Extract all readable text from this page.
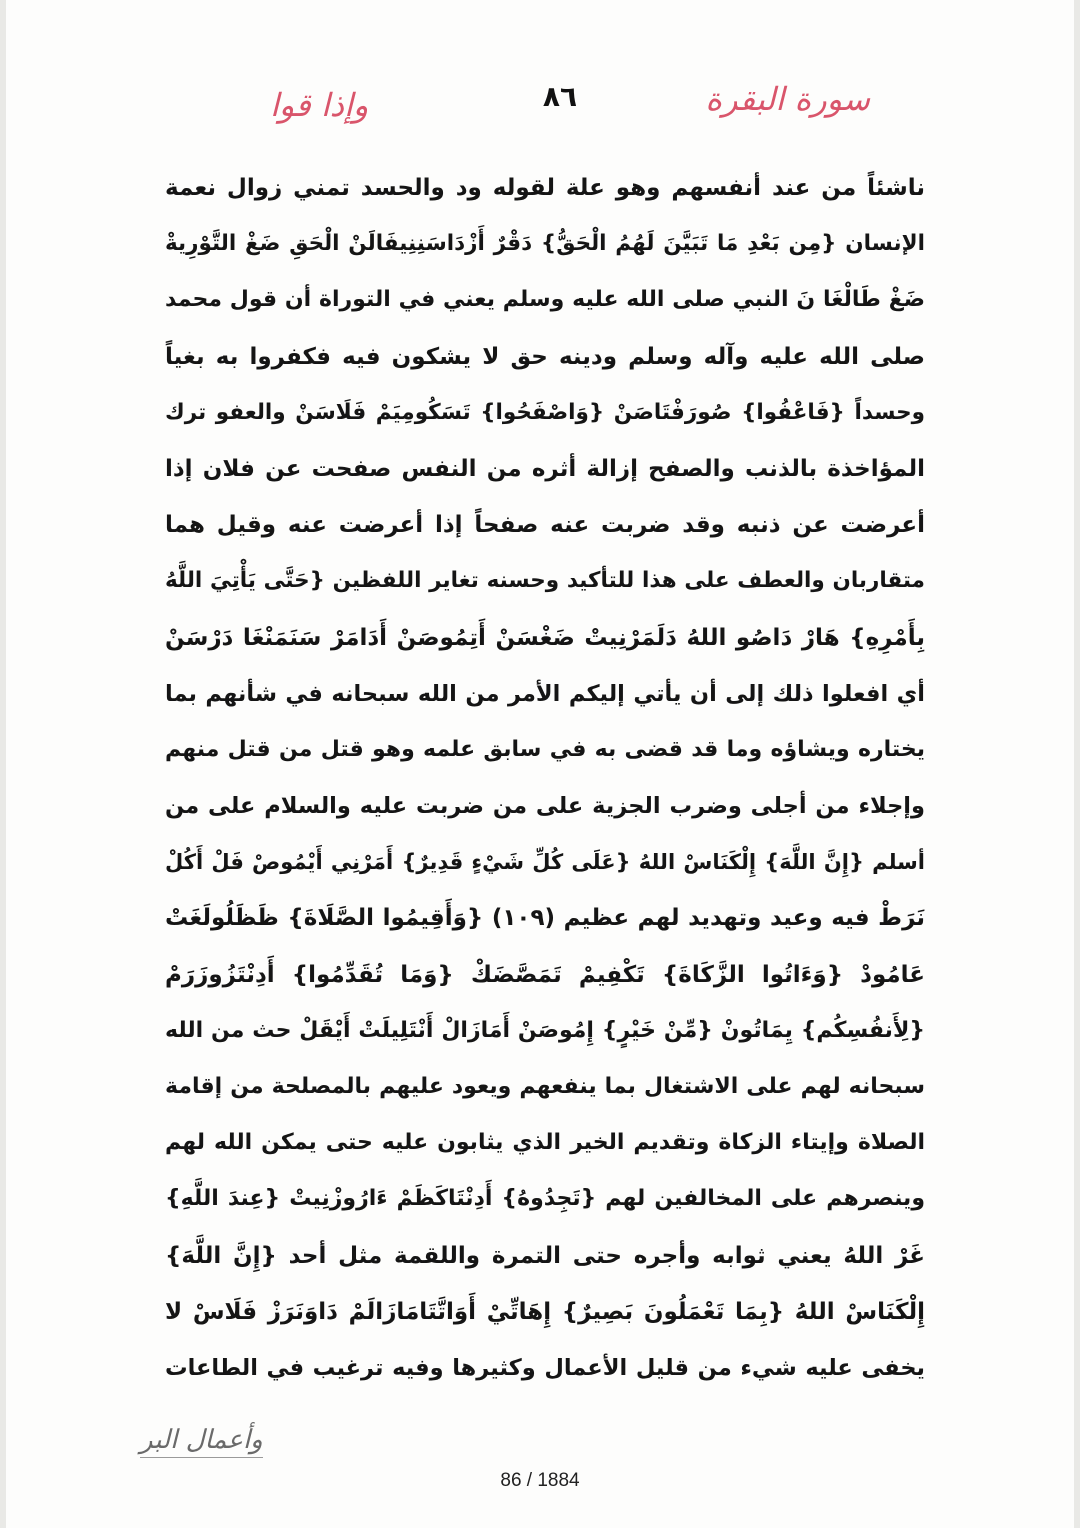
سورة البقرة
٨٦
وإذا قوا
ناشئاً من عند أنفسهم وهو علة لقوله ود والحسد تمني زوال نعمة
الإنسان {مِن بَعْدِ مَا تَبَيَّنَ لَهُمُ الْحَقُّ} دَقْرٌ أَزْدَاسَنِنِيفَالَنْ الْحَقِ ضَغْ التَّوْرِيةْ
ضَغْ طَالْغَا نَ النبي صلى الله عليه وسلم يعني في التوراة أن قول محمد
صلى الله عليه وآله وسلم ودينه حق لا يشكون فيه فكفروا به بغياً
وحسداً {فَاعْفُوا} صُورَفْتَاصَنْ {وَاصْفَحُوا} تَسَكُومِيَمْ فَلَاسَنْ والعفو ترك
المؤاخذة بالذنب والصفح إزالة أثره من النفس صفحت عن فلان إذا
أعرضت عن ذنبه وقد ضربت عنه صفحاً إذا أعرضت عنه وقيل هما
متقاربان والعطف على هذا للتأكيد وحسنه تغاير اللفظين {حَتَّى يَأْتِيَ اللَّهُ
بِأَمْرِهِ} هَارْ دَاصُو اللهُ دَلَمَرْنِيتْ ضَغْسَنْ أَتِمُوصَنْ أَدَامَرْ سَنَمَنْغَا دَرْسَنْ
أي افعلوا ذلك إلى أن يأتي إليكم الأمر من الله سبحانه في شأنهم بما
يختاره ويشاؤه وما قد قضى به في سابق علمه وهو قتل من قتل منهم
وإجلاء من أجلى وضرب الجزية على من ضربت عليه والسلام على من
أسلم {إِنَّ اللَّهَ} إِلْكَنَاسْ اللهُ {عَلَى كُلِّ شَيْءٍ قَدِيرٌ} أَمَرْنِي أَيْمُوصْ فَلْ أَكُلْ
نَرَطْ فيه وعيد وتهديد لهم عظيم (١٠٩) {وَأَقِيمُوا الصَّلَاةَ} ظَظَلُولَغَتْ
عَامُودْ {وَءَاتُوا الزَّكَاةَ} تَكْفِيمْ تَمَصَّضَكْ {وَمَا تُقَدِّمُوا} أَدِنْتَزُوزَرَمْ
{لِأَنفُسِكُم} يِمَاتُونْ {مِّنْ خَيْرٍ} إِمُوصَنْ أَمَازَالْ أَنْتَلِيلَتْ أَيْقَلْ حث من الله
سبحانه لهم على الاشتغال بما ينفعهم ويعود عليهم بالمصلحة من إقامة
الصلاة وإيتاء الزكاة وتقديم الخير الذي يثابون عليه حتى يمكن الله لهم
وينصرهم على المخالفين لهم {تَجِدُوهُ} أَدِنْتَاكَظَمْ ءَارُوزْنِيتْ {عِندَ اللَّهِ}
غَرْ اللهُ يعني ثوابه وأجره حتى التمرة واللقمة مثل أحد {إِنَّ اللَّهَ}
إِلْكَنَاسْ اللهُ {بِمَا تَعْمَلُونَ بَصِيرٌ} إِهَاتِّيْ أَوَاتَّتَامَازَالَمْ دَاوَنَرَزْ فَلَاسْ لا
يخفى عليه شيء من قليل الأعمال وكثيرها وفيه ترغيب في الطاعات
وأعمال البر
86 / 1884
